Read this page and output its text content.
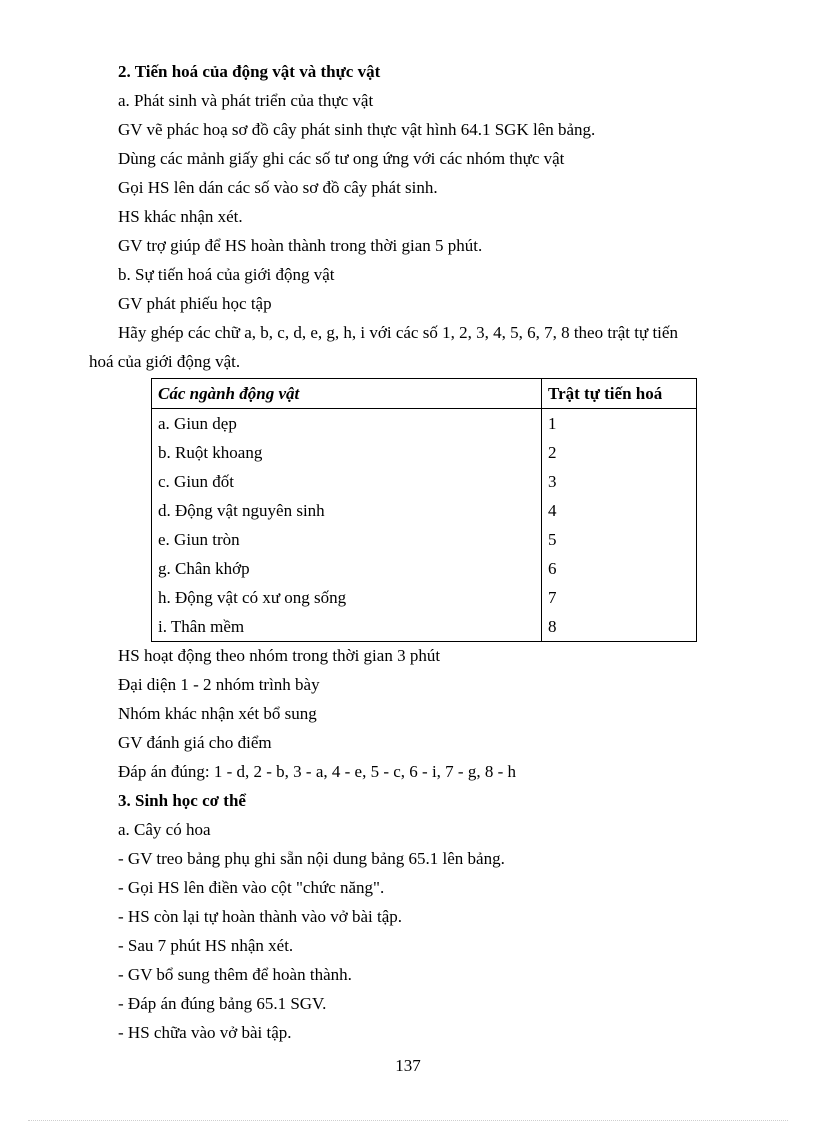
2. Tiến hoá của động vật và thực vật
a. Phát sinh và phát triển của thực vật
GV vẽ phác hoạ sơ đồ cây phát sinh thực vật hình 64.1 SGK lên bảng.
Dùng các mảnh giấy ghi các số tư ong ứng với các nhóm thực vật
Gọi HS lên dán các số vào sơ đồ cây phát sinh.
HS khác nhận xét.
GV trợ giúp để HS hoàn thành trong thời gian 5 phút.
b. Sự tiến hoá của giới động vật
GV phát phiếu học tập
Hãy ghép các chữ a, b, c, d, e, g, h, i với các số 1, 2, 3, 4, 5, 6, 7, 8 theo trật tự tiến
hoá của giới động vật.
Các ngành động vật	Trật tự tiến hoá
a. Giun dẹp	1
b. Ruột khoang	2
c. Giun đốt	3
d. Động vật nguyên sinh	4
e. Giun tròn	5
g. Chân khớp	6
h. Động vật có xư ong sống	7
i. Thân mềm	8
HS hoạt động theo nhóm trong thời gian 3 phút
Đại diện 1 - 2 nhóm trình bày
Nhóm khác nhận xét bổ sung
GV đánh giá cho điểm
Đáp án đúng: 1 - d, 2 - b, 3 - a, 4 - e, 5 - c, 6 - i, 7 - g, 8 - h
3. Sinh học cơ thể
a. Cây có hoa
- GV treo bảng phụ ghi sẵn nội dung bảng 65.1 lên bảng.
- Gọi HS lên điền vào cột "chức năng".
- HS còn lại tự hoàn thành vào vở bài tập.
- Sau 7 phút HS nhận xét.
- GV bổ sung thêm để hoàn thành.
- Đáp án đúng bảng 65.1 SGV.
- HS chữa vào vở bài tập.
137
